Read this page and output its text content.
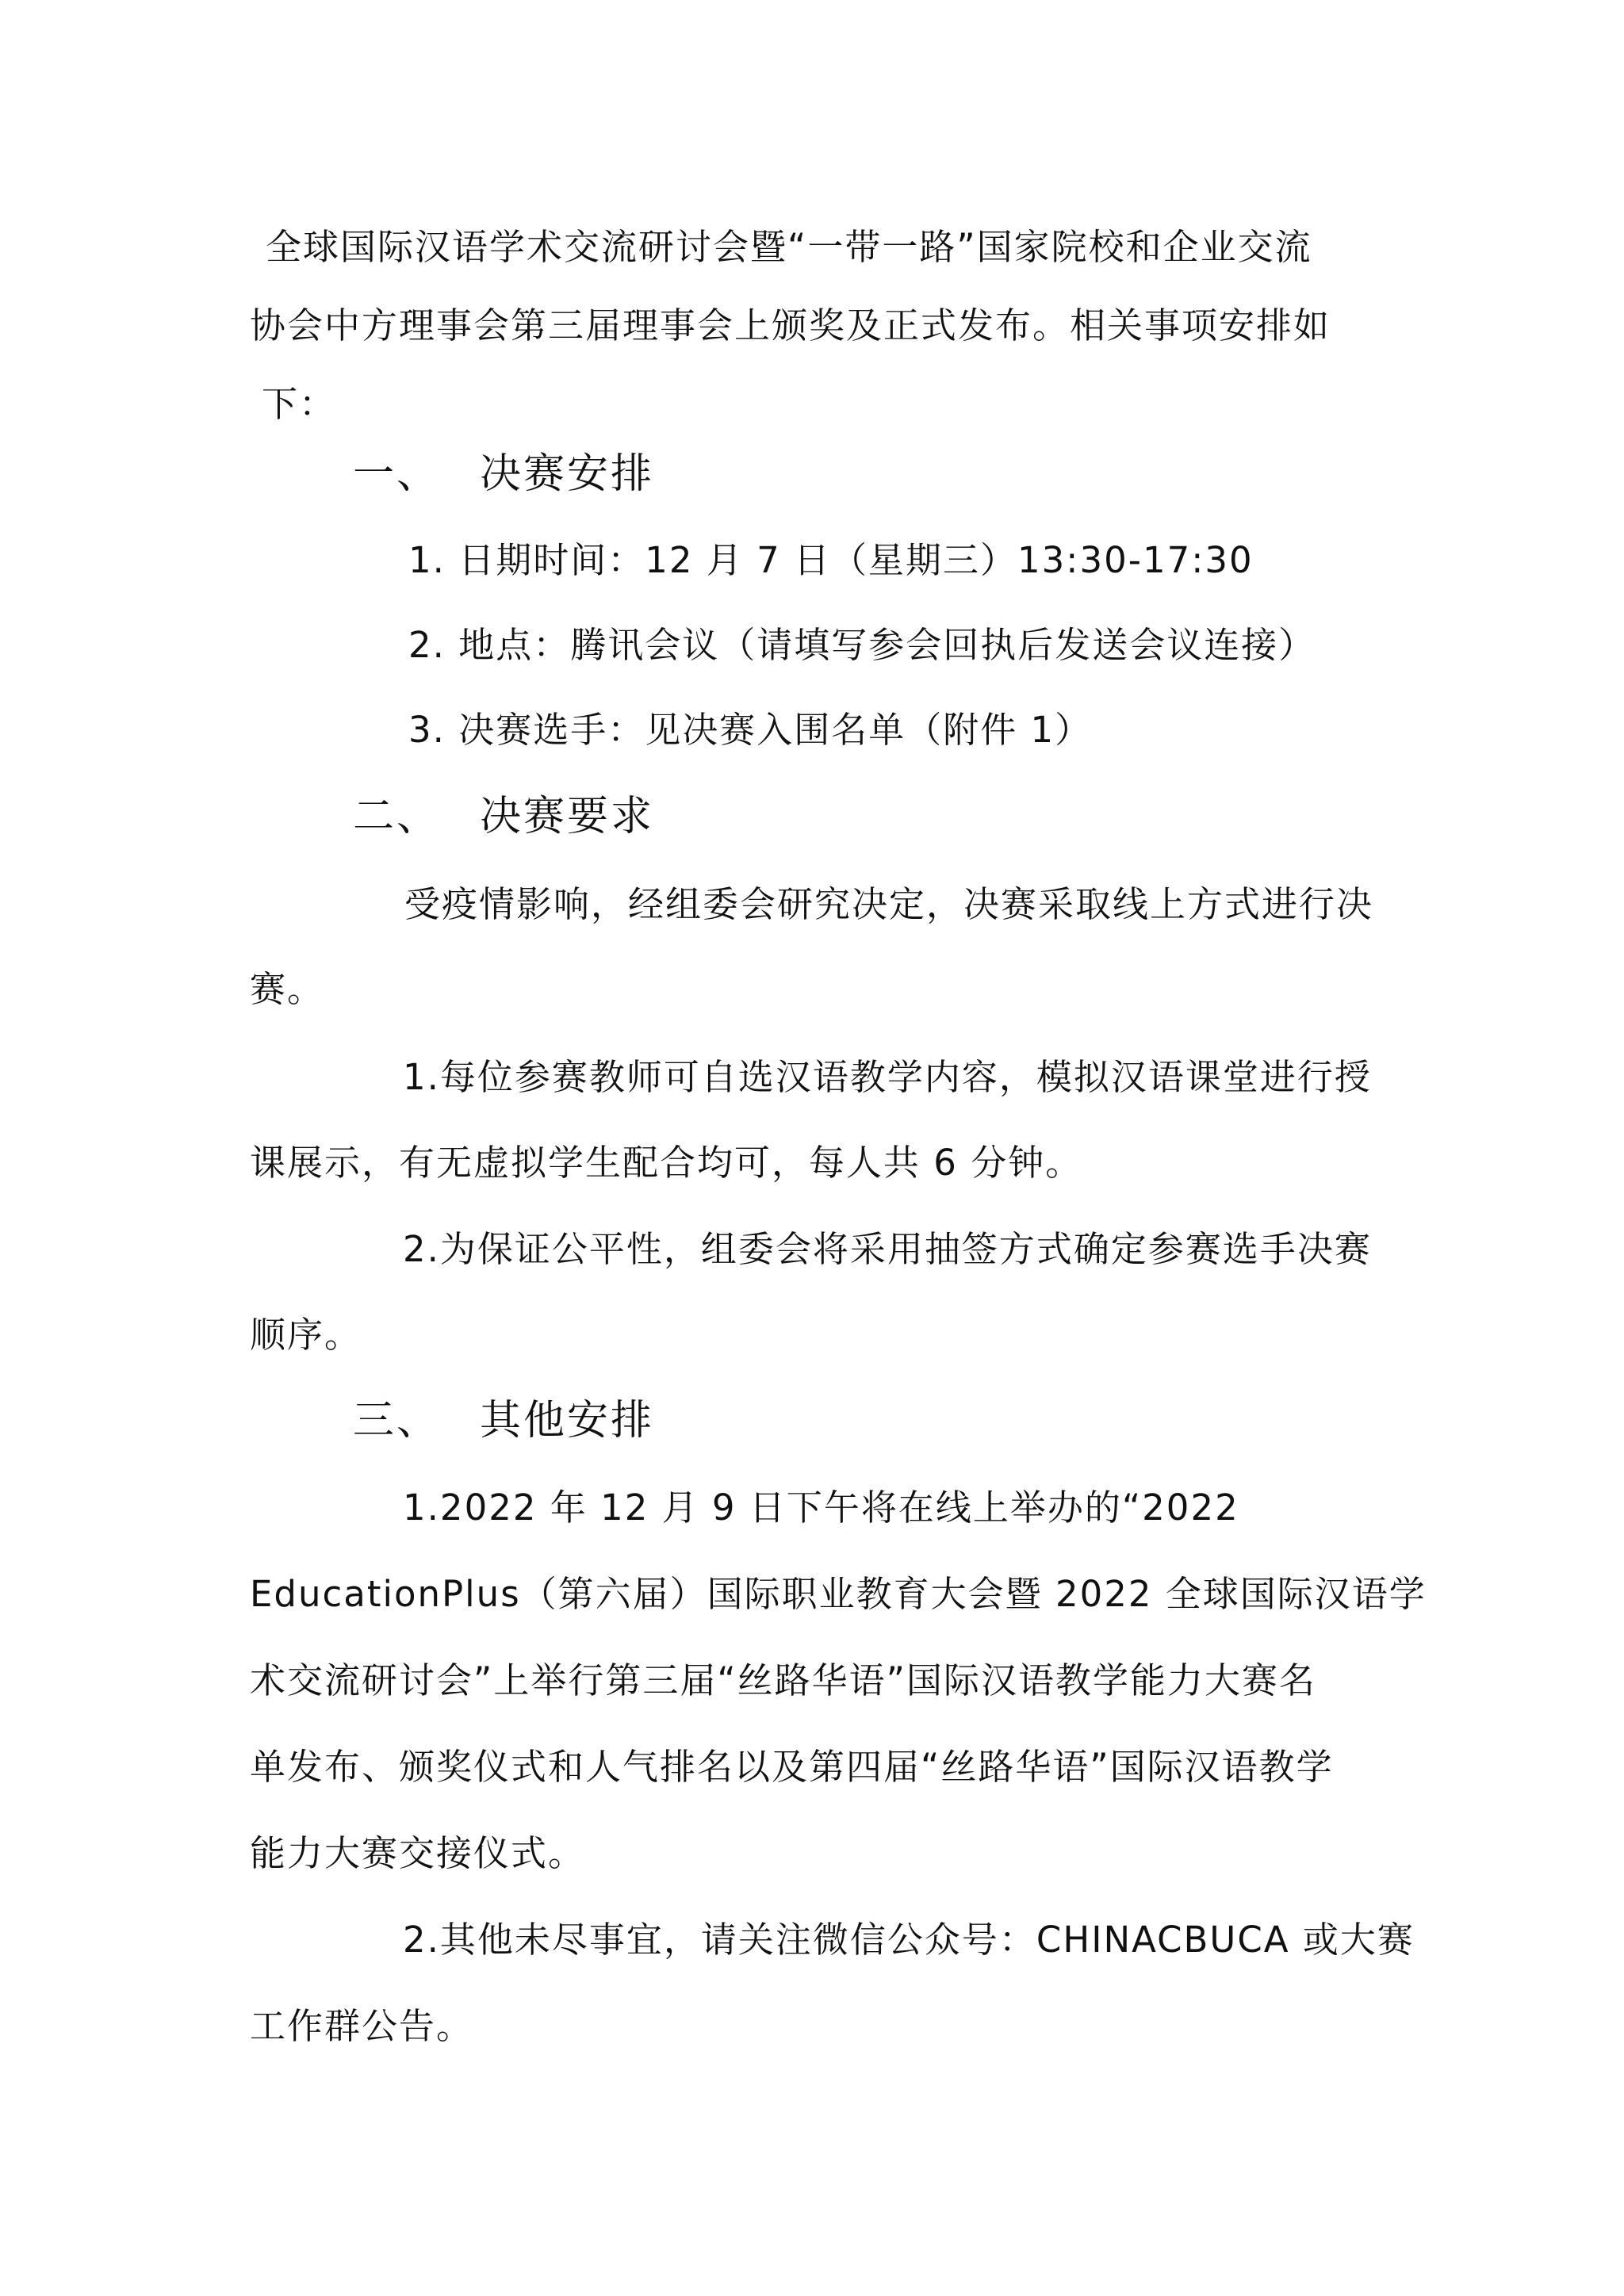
全球国际汉语学术交流研讨会暨“一带一路”国家院校和企业交流
协会中方理事会第三届理事会上颁奖及正式发布。相关事项安排如
下：
一、 决赛安排
1. 日期时间：12 月 7 日（星期三）13:30-17:30
2. 地点：腾讯会议（请填写参会回执后发送会议连接）
3. 决赛选手：见决赛入围名单（附件 1）
二、 决赛要求
受疫情影响，经组委会研究决定，决赛采取线上方式进行决
赛。
1.每位参赛教师可自选汉语教学内容，模拟汉语课堂进行授
课展示，有无虚拟学生配合均可，每人共 6 分钟。
2.为保证公平性，组委会将采用抽签方式确定参赛选手决赛
顺序。
三、 其他安排
1.2022 年 12 月 9 日下午将在线上举办的“2022
EducationPlus（第六届）国际职业教育大会暨 2022 全球国际汉语学
术交流研讨会”上举行第三届“丝路华语”国际汉语教学能力大赛名
单发布、颁奖仪式和人气排名以及第四届“丝路华语”国际汉语教学
能力大赛交接仪式。
2.其他未尽事宜，请关注微信公众号：CHINACBUCA 或大赛
工作群公告。
